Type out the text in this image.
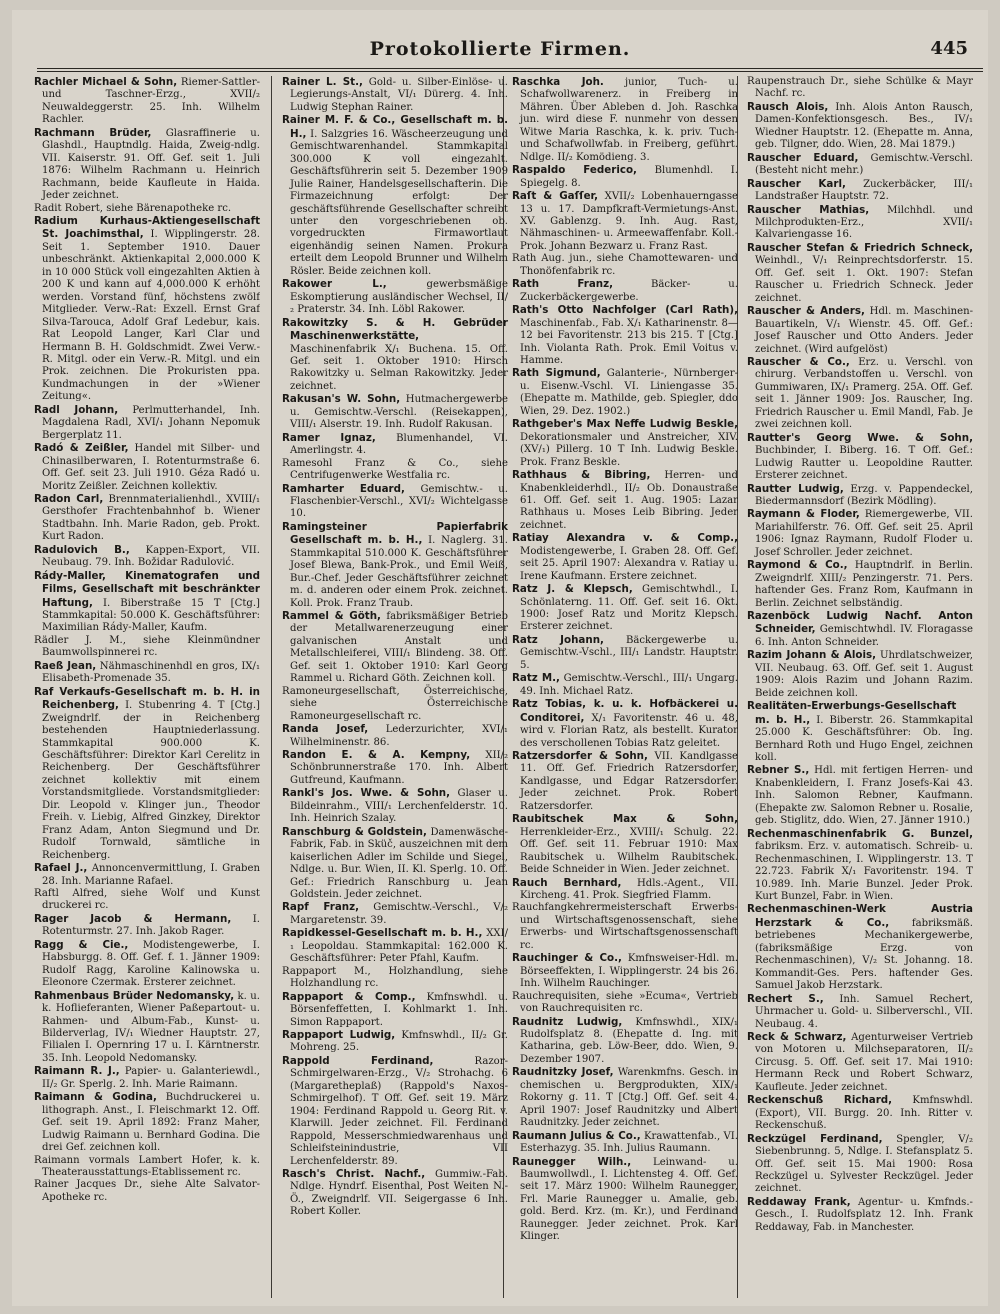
Protokollierte Firmen.	445

Rachler Michael & Sohn, Riemer-Sattler- und Taschner-Erzg., XVII/₂ Neuwaldeggerstr. 25. Inh. Wilhelm Rachler.

Rachmann Brüder, Glasraffinerie u. Glashdl., Hauptndlg. Haida, Zweig-ndlg. VII. Kaiserstr. 91. Off. Gef. seit 1. Juli 1876: Wilhelm Rachmann u. Heinrich Rachmann, beide Kaufleute in Haida. Jeder zeichnet.

Radit Robert, siehe Bärenapotheke rc.

Radium Kurhaus-Aktiengesellschaft St. Joachimsthal, I. Wipplingerstr. 28. Seit 1. September 1910. Dauer unbeschränkt. Aktienkapital 2,000.000 K in 10 000 Stück voll eingezahlten Aktien à 200 K und kann auf 4,000.000 K erhöht werden. Vorstand fünf, höchstens zwölf Mitglieder. Verw.-Rat: Exzell. Ernst Graf Silva-Tarouca, Adolf Graf Ledebur, kais. Rat Leopold Langer, Karl Clar und Hermann B. H. Goldschmidt. Zwei Verw.-R. Mitgl. oder ein Verw.-R. Mitgl. und ein Prok. zeichnen. Die Prokuristen ppa. Kundmachungen in der »Wiener Zeitung«.

Radl Johann, Perlmutterhandel, Inh. Magdalena Radl, XVI/₁ Johann Nepomuk Bergerplatz 11.

Radó & Zeißler, Handel mit Silber- und Chinasilberwaren, I. Rotenturmstraße 6. Off. Gef. seit 23. Juli 1910. Géza Radó u. Moritz Zeißler. Zeichnen kollektiv.

Radon Carl, Brennmaterialienhdl., XVIII/₁ Gersthofer Frachtenbahnhof b. Wiener Stadtbahn. Inh. Marie Radon, geb. Prokt. Kurt Radon.

Radulovich B., Kappen-Export, VII. Neubaug. 79. Inh. Božidar Radulović.

Rády-Maller, Kinematografen und Films, Gesellschaft mit beschränkter Haftung, I. Biberstraße 15 T [Ctg.] Stammkapital: 50.000 K. Geschäftsführer: Maximilian Rády-Maller, Kaufm.

Rädler J. M., siehe Kleinmündner Baumwollspinnerei rc.

Raeß Jean, Nähmaschinenhdl en gros, IX/₁ Elisabeth-Promenade 35.

Raf Verkaufs-Gesellschaft m. b. H. in Reichenberg, I. Stubenring 4. T [Ctg.] Zweigndrlf. der in Reichenberg bestehenden Hauptniederlassung. Stammkapital 900.000 K. Geschäftsführer: Direktor Karl Cerelitz in Reichenberg. Der Geschäftsführer zeichnet kollektiv mit einem Vorstandsmitgliede. Vorstandsmitglieder: Dir. Leopold v. Klinger jun., Theodor Freih. v. Liebig, Alfred Ginzkey, Direktor Franz Adam, Anton Siegmund und Dr. Rudolf Tornwald, sämtliche in Reichenberg.

Rafael J., Annoncenvermittlung, I. Graben 28. Inh. Marianne Rafael.

Raftl Alfred, siehe Wolf und Kunst druckerei rc.

Rager Jacob & Hermann, I. Rotenturmstr. 27. Inh. Jakob Rager.

Ragg & Cie., Modistengewerbe, I. Habsburgg. 8. Off. Gef. f. 1. Jänner 1909: Rudolf Ragg, Karoline Kalinowska u. Eleonore Czermak. Ersterer zeichnet.

Rahmenbaus Brüder Nedomansky, k. u. k. Hoflieferanten, Wiener Paßepartout- u. Rahmen- und Album-Fab., Kunst- u. Bilderverlag, IV/₁ Wiedner Hauptstr. 27, Filialen I. Opernring 17 u. I. Kärntnerstr. 35. Inh. Leopold Nedomansky.

Raimann R. J., Papier- u. Galanteriewdl., II/₂ Gr. Sperlg. 2. Inh. Marie Raimann.

Raimann & Godina, Buchdruckerei u. lithograph. Anst., I. Fleischmarkt 12. Off. Gef. seit 19. April 1892: Franz Maher, Ludwig Raimann u. Bernhard Godina. Die drei Gef. zeichnen koll.

Raimann vormals Lambert Hofer, k. k. Theaterausstattungs-Etablissement rc.

Rainer Jacques Dr., siehe Alte Salvator-Apotheke rc.

Rainer L. St., Gold- u. Silber-Einlöse- u. Legierungs-Anstalt, VI/₁ Dürerg. 4. Inh. Ludwig Stephan Rainer.

Rainer M. F. & Co., Gesellschaft m. b. H., I. Salzgries 16. Wäscheerzeugung und Gemischtwarenhandel. Stammkapital 300.000 K voll eingezahlt. Geschäftsführerin seit 5. Dezember 1909 Julie Rainer, Handelsgesellschafterin. Die Firmazeichnung erfolgt: Der geschäftsführende Gesellschafter schreibt unter den vorgeschriebenen ob. vorgedruckten Firmawortlaut eigenhändig seinen Namen. Prokura erteilt dem Leopold Brunner und Wilhelm Rösler. Beide zeichnen koll.

Rakower L.,	gewerbsmäßige Eskomptierung ausländischer Wechsel, II/₂ Praterstr. 34. Inh. Löbl Rakower.

Rakowitzky S. & H. Gebrüder Maschinenwerkstätte, Maschinenfabrik X/₁ Buchena. 15. Off. Gef. seit 1. Oktober 1910: Hirsch Rakowitzky u. Selman Rakowitzky. Jeder zeichnet.

Rakusan's W. Sohn, Hutmachergewerbe u. Gemischtw.-Verschl. (Reisekappen), VIII/₁ Alserstr. 19. Inh. Rudolf Rakusan.

Ramer Ignaz, Blumenhandel, VI. Amerlingstr. 4.

Ramesohl Franz & Co., siehe Centrifugenwerke Westfalia rc.

Ramharter Eduard, Gemischtw.- u. Flaschenbier-Verschl., XVI/₂ Wichtelgasse 10.

Ramingsteiner Papierfabrik Gesellschaft m. b. H., I. Naglerg. 31. Stammkapital 510.000 K. Geschäftsführer Josef Blewa, Bank-Prok., und Emil Weiß, Bur.-Chef. Jeder Geschäftsführer zeichnet m. d. anderen oder einem Prok. zeichnet. Koll. Prok. Franz Traub.

Rammel & Göth, fabriksmäßiger Betrieb der Metallwarenerzeugung einer galvanischen Anstalt und Metallschleiferei, VIII/₁ Blindeng. 38. Off. Gef. seit 1. Oktober 1910: Karl Georg Rammel u. Richard Göth. Zeichnen koll.

Ramoneurgesellschaft, Österreichische, siehe Österreichische Ramoneurgesellschaft rc.

Randa Josef, Lederzurichter, XVI/₁ Wilhelminenstr. 86.

Randon E. & A. Kempny, XII/₂ Schönbrunnerstraße 170. Inh. Albert Gutfreund, Kaufmann.

Rankl's Jos. Wwe. & Sohn, Glaser u. Bildeinrahm., VIII/₁ Lerchenfelderstr. 10. Inh. Heinrich Szalay.

Ranschburg & Goldstein, Damenwäsche-Fabrik, Fab. in Sküč, auszeichnen mit dem kaiserlichen Adler im Schilde und Siegel, Ndlge. u. Bur. Wien, II. Kl. Sperlg. 10. Off. Gef.: Friedrich Ranschburg u. Jean Goldstein. Jeder zeichnet.

Rapf Franz, Gemischtw.-Verschl., V/₂ Margaretenstr. 39.

Rapidkessel-Gesellschaft m. b. H., XXI/₁ Leopoldau. Stammkapital: 162.000 K. Geschäftsführer: Peter Pfahl, Kaufm.

Rappaport M., Holzhandlung, siehe Holzhandlung rc.

Rappaport & Comp., Kmfnswhdl. u. Börsenfeffetten, I. Kohlmarkt 1. Inh. Simon Rappaport.

Rappaport Ludwig, Kmfnswhdl., II/₂ Gr. Mohreng. 25.

Rappold Ferdinand,	Razor-Schmirgelwaren-Erzg., V/₂ Strohachg. 6 (Margaretheplaß) (Rappold's Naxos-Schmirgelhof). T Off. Gef. seit 19. März 1904: Ferdinand Rappold u. Georg Rit. v. Klarwill. Jeder zeichnet. Fil. Ferdinand Rappold, Messerschmiedwarenhaus und Schleifsteinindustrie, VII Lerchenfelderstr. 89.

Rasch's Christ. Nachf., Gummiw.-Fab. Ndlge. Hyndrf. Eisenthal, Post Weiten N.-Ö., Zweigndrlf. VII. Seigergasse 6 Inh. Robert Koller.

Raschka Joh. junior, Tuch- u. Schafwollwarenerz. in Freiberg in Mähren. Über Ableben d. Joh. Raschka jun. wird diese F. nunmehr von dessen Witwe Maria Raschka, k. k. priv. Tuch- und Schafwollwfab. in Freiberg, geführt. Ndlge. II/₂ Komödieng. 3.

Raspaldo Federico, Blumenhdl. I. Spiegelg. 8.

Raſt & Gaſſer, XVII/₂ Lobenhauerngasse 13 u. 17. Dampfkraft-Vermietungs-Anst. XV. Gablenzg. 9. Inh. Aug. Rast, Nähmaschinen- u. Armeewaffenfabr. Koll.-Prok. Johann Bezwarz u. Franz Rast.

Rath Aug. jun., siehe Chamottewaren- und Thonöfenfabrik rc.

Rath Franz,	Bäcker- u. Zuckerbäckergewerbe.

Rath's Otto Nachfolger (Carl Rath), Maschinenfab., Fab. X/₁ Katharinenstr. 8—12 bei Favoritenstr. 213 bis 215. T [Ctg.] Inh. Violanta Rath. Prok. Emil Voitus v. Hamme.

Rath Sigmund, Galanterie-, Nürnberger- u. Eisenw.-Vschl. VI. Liniengasse 35. (Ehepatte m. Mathilde, geb. Spiegler, ddo Wien, 29. Dez. 1902.)

Rathgeber's Max Neffe Ludwig Beskle, Dekorationsmaler und Anstreicher, XIV. (XV/₁) Pillerg. 10 T Inh. Ludwig Beskle. Prok. Franz Beskle.

Rathhaus & Bibring, Herren- und Knabenkleiderhdl., II/₂ Ob. Donaustraße 61. Off. Gef. seit 1. Aug. 1905: Lazar Rathhaus u. Moses Leib Bibring. Jeder zeichnet.

Ratiay Alexandra v. & Comp., Modistengewerbe, I. Graben 28. Off. Gef. seit 25. April 1907: Alexandra v. Ratiay u. Irene Kaufmann. Erstere zeichnet.

Ratz J. & Klepsch, Gemischtwhdl., I. Schönlaterng. 11. Off. Gef. seit 16. Okt. 1900: Josef Ratz und Moritz Klepsch. Ersterer zeichnet.

Ratz Johann, Bäckergewerbe u. Gemischtw.-Vschl., III/₁ Landstr. Hauptstr. 5.

Ratz M., Gemischtw.-Verschl., III/₁ Ungarg. 49. Inh. Michael Ratz.

Ratz Tobias, k. u. k. Hofbäckerei u. Conditorei, X/₁ Favoritenstr. 46 u. 48, wird v. Florian Ratz, als bestellt. Kurator des verschollenen Tobias Ratz geleitet.

Ratzersdorfer & Sohn, VII. Kandlgasse 11. Off. Gef. Friedrich Ratzersdorfer, Kandlgasse, und Edgar Ratzersdorfer. Jeder zeichnet. Prok. Robert Ratzersdorfer.

Raubitschek Max & Sohn, Herrenkleider-Erz., XVIII/₁ Schulg. 22. Off. Gef. seit 11. Februar 1910: Max Raubitschek u. Wilhelm Raubitschek. Beide Schneider in Wien. Jeder zeichnet.

Rauch Bernhard, Hdls.-Agent., VII. Kircheng. 41. Prok. Siegfried Flamm.

Rauchfangkehrermeisterschaft Erwerbs- und Wirtschaftsgenossenschaft, siehe Erwerbs- und Wirtschaftsgenossenschaft rc.

Rauchinger & Co., Kmfnsweiser-Hdl. m. Börseeffekten, I. Wipplingerstr. 24 bis 26. Inh. Wilhelm Rauchinger.

Rauchrequisiten, siehe »Ecuma«, Vertrieb von Rauchrequisiten rc.

Raudnitz Ludwig, Kmfnswhdl., XIX/₁ Rudolfsplatz 8. (Ehepatte d. Ing. mit Katharina, geb. Löw-Beer, ddo. Wien, 9. Dezember 1907.

Raudnitzky Josef, Warenkmfns. Gesch. in chemischen u. Bergprodukten, XIX/₁ Rokorny g. 11. T [Ctg.] Off. Gef. seit 4. April 1907: Josef Raudnitzky und Albert Raudnitzky. Jeder zeichnet.

Raumann Julius & Co., Krawattenfab., VI. Esterhazyg. 35. Inh. Julius Raumann.

Raunegger Wilh., Leinwand- u. Baumwollwdl., I. Lichtensteg 4. Off. Gef. seit 17. März 1900: Wilhelm Raunegger, Frl. Marie Raunegger u. Amalie, geb. gold. Berd. Krz. (m. Kr.), und Ferdinand Raunegger. Jeder zeichnet. Prok. Karl Klinger.

Raupenstrauch Dr., siehe Schülke & Mayr Nachf. rc.

Rausch Alois, Inh. Alois Anton Rausch, Damen-Konfektionsgesch. Bes., IV/₁ Wiedner Hauptstr. 12. (Ehepatte m. Anna, geb. Tilgner, ddo. Wien, 28. Mai 1879.)

Rauscher Eduard, Gemischtw.-Verschl. (Besteht nicht mehr.)

Rauscher Karl, Zuckerbäcker, III/₁ Landstraßer Hauptstr. 72.

Rauscher Mathias, Milchhdl. und Milchprodukten-Erz., XVII/₁ Kalvariengasse 16.

Rauscher Stefan & Friedrich Schneck, Weinhdl., V/₁ Reinprechtsdorferstr. 15. Off. Gef. seit 1. Okt. 1907: Stefan Rauscher u. Friedrich Schneck. Jeder zeichnet.

Rauscher & Anders, Hdl. m. Maschinen-Bauartikeln, V/₁ Wienstr. 45. Off. Gef.: Josef Rauscher und Otto Anders. Jeder zeichnet. (Wird aufgelöst)

Rauscher & Co., Erz. u. Verschl. von chirurg. Verbandstoffen u. Verschl. von Gummiwaren, IX/₁ Pramerg. 25A. Off. Gef. seit 1. Jänner 1909: Jos. Rauscher, Ing. Friedrich Rauscher u. Emil Mandl, Fab. Je zwei zeichnen koll.

Rautter's Georg Wwe. & Sohn, Buchbinder, I. Biberg. 16. T Off. Gef.: Ludwig Rautter u. Leopoldine Rautter. Ersterer zeichnet.

Rautter Ludwig, Erzg. v. Pappendeckel, Biedermannsdorf (Bezirk Mödling).

Raymann & Floder, Riemergewerbe, VII. Mariahilferstr. 76. Off. Gef. seit 25. April 1906: Ignaz Raymann, Rudolf Floder u. Josef Schroller. Jeder zeichnet.

Raymond & Co., Hauptndrlf. in Berlin. Zweigndrlf. XIII/₂ Penzingerstr. 71. Pers. haftender Ges. Franz Rom, Kaufmann in Berlin. Zeichnet selbständig.

Razenböck Ludwig Nachf. Anton Schneider, Gemischtwhdl. IV. Floragasse 6. Inh. Anton Schneider.

Razim Johann & Alois, Uhrdlatschweizer, VII. Neubaug. 63. Off. Gef. seit 1. August 1909: Alois Razim und Johann Razim. Beide zeichnen koll.

Realitäten-Erwerbungs-Gesellschaft m. b. H., I. Biberstr. 26. Stammkapital 25.000 K. Geschäftsführer: Ob. Ing. Bernhard Roth und Hugo Engel, zeichnen koll.

Rebner S., Hdl. mit fertigen Herren- und Knabenkleidern, I. Franz Josefs-Kai 43. Inh. Salomon Rebner, Kaufmann. (Ehepakte zw. Salomon Rebner u. Rosalie, geb. Stiglitz, ddo. Wien, 27. Jänner 1910.)

Rechenmaschinenfabrik G. Bunzel, fabriksm. Erz. v. automatisch. Schreib- u. Rechenmaschinen, I. Wipplingerstr. 13. T 22.723. Fabrik X/₁ Favoritenstr. 194. T 10.989. Inh. Marie Bunzel. Jeder Prok. Kurt Bunzel, Fabr. in Wien.

Rechenmaschinen-Werk Austria Herzstark & Co., fabriksmäß. betriebenes Mechanikergewerbe, (fabriksmäßige Erzg. von Rechenmaschinen), V/₂ St. Johanng. 18. Kommandit-Ges. Pers. haftender Ges. Samuel Jakob Herzstark.

Rechert S., Inh. Samuel Rechert, Uhrmacher u. Gold- u. Silberverschl., VII. Neubaug. 4.

Reck & Schwarz, Agenturweiser Vertrieb von Motoren u. Milchseparatoren, II/₂ Circusg. 5. Off. Gef. seit 17. Mai 1910: Hermann Reck und Robert Schwarz, Kaufleute. Jeder zeichnet.

Reckenschuß Richard, Kmfnswhdl. (Export), VII. Burgg. 20. Inh. Ritter v. Reckenschuß.

Reckzügel Ferdinand, Spengler, V/₂ Siebenbrunng. 5, Ndlge. I. Stefansplatz 5. Off. Gef. seit 15. Mai 1900: Rosa Reckzügel u. Sylvester Reckzügel. Jeder zeichnet.

Reddaway Frank, Agentur- u. Kmfnds.-Gesch., I. Rudolfsplatz 12. Inh. Frank Reddaway, Fab. in Manchester.
